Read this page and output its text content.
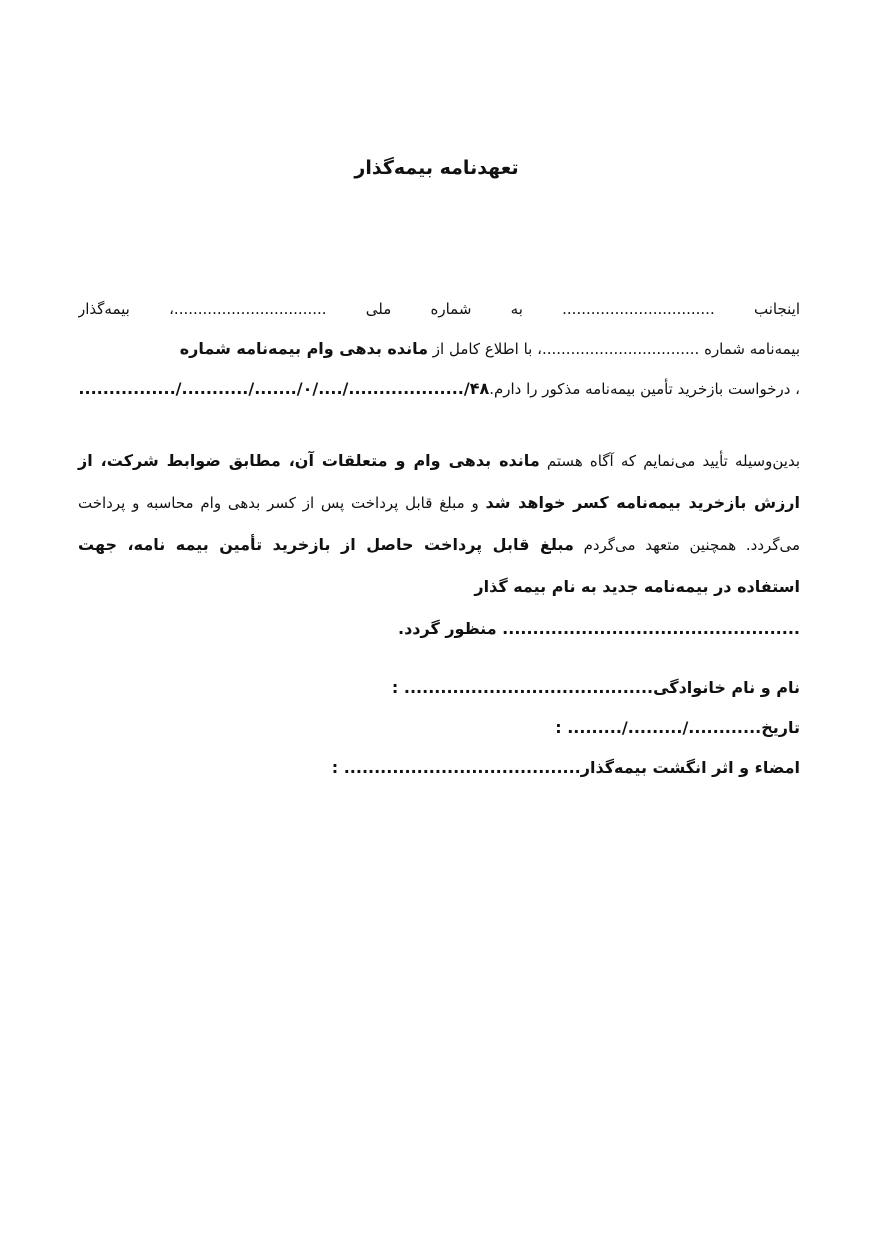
تعهدنامه بیمه‌گذار
اینجانب ................................ به شماره ملی ................................، بیمه‌گذار
بیمه‌نامه شماره .................................، با اطلاع کامل از مانده بدهی وام بیمه‌نامه شماره
، درخواست بازخرید تأمین بیمه‌نامه مذکور را دارم................./.........../......./۰/..../.................../۴۸
بدین‌وسیله تأیید می‌نمایم که آگاه هستم مانده بدهی وام و متعلقات آن، مطابق ضوابط شرکت، از ارزش بازخرید بیمه‌نامه کسر خواهد شد و مبلغ قابل پرداخت پس از کسر بدهی وام محاسبه و پرداخت می‌گردد. همچنین متعهد می‌گردم مبلغ قابل پرداخت حاصل از بازخرید تأمین بیمه نامه، جهت استفاده در بیمه‌نامه جدید به نام بیمه گذار
................................................. منظور گردد.
نام و نام خانوادگی......................................... :
تاریخ............/........./......... :
امضاء و اثر انگشت بیمه‌گذار....................................... :
